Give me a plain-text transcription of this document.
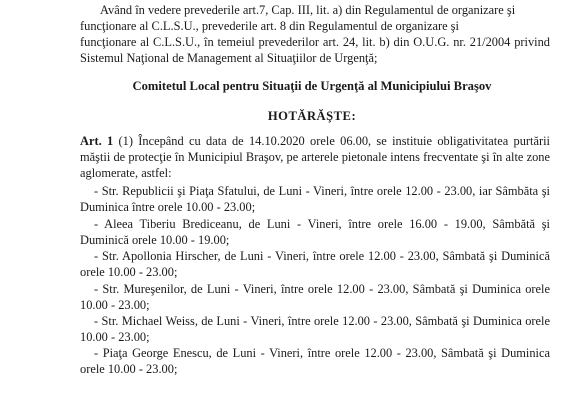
Având în vedere prevederile art.7, Cap. III, lit. a) din Regulamentul de organizare şi

funcţionare al C.L.S.U., prevederile art. 8 din Regulamentul de organizare şi

funcţionare al C.L.S.U., în temeiul prevederilor art. 24, lit. b) din O.U.G. nr. 21/2004 privind Sistemul Naţional de Management al Situaţiilor de Urgenţă;

Comitetul Local pentru Situaţii de Urgenţă al Municipiului Braşov

HOTĂRĂŞTE:

Art. 1 (1) Începând cu data de 14.10.2020 orele 06.00, se instituie obligativitatea purtării măştii de protecţie în Municipiul Braşov, pe arterele pietonale intens frecventate şi în alte zone aglomerate, astfel:

- Str. Republicii şi Piaţa Sfatului, de Luni - Vineri, între orele 12.00 - 23.00, iar Sâmbăta şi Duminica între orele 10.00 - 23.00;

- Aleea Tiberiu Brediceanu, de Luni - Vineri, între orele 16.00 - 19.00, Sâmbătă şi Duminică orele 10.00 - 19.00;

- Str. Apollonia Hirscher, de Luni - Vineri, între orele 12.00 - 23.00, Sâmbată şi Duminică orele 10.00 - 23.00;

- Str. Mureşenilor, de Luni - Vineri, între orele 12.00 - 23.00, Sâmbată şi Duminica orele 10.00 - 23.00;

- Str. Michael Weiss, de Luni - Vineri, între orele 12.00 - 23.00, Sâmbată şi Duminica orele 10.00 - 23.00;

- Piaţa George Enescu, de Luni - Vineri, între orele 12.00 - 23.00, Sâmbată şi Duminica orele 10.00 - 23.00;
